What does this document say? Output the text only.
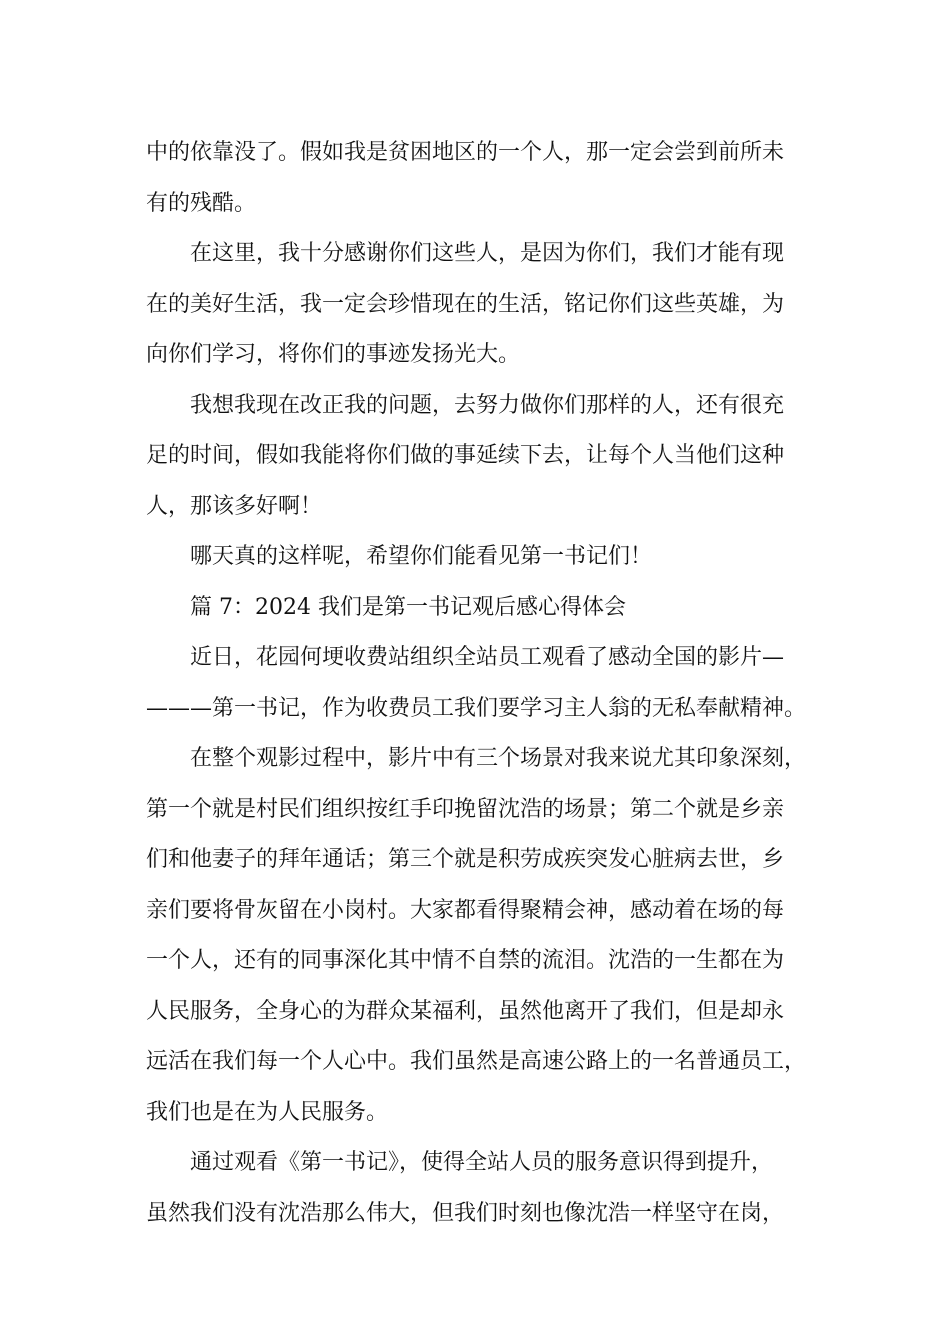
中的依靠没了。假如我是贫困地区的一个人，那一定会尝到前所未
有的残酷。
在这里，我十分感谢你们这些人，是因为你们，我们才能有现
在的美好生活，我一定会珍惜现在的生活，铭记你们这些英雄，为
向你们学习，将你们的事迹发扬光大。
我想我现在改正我的问题，去努力做你们那样的人，还有很充
足的时间，假如我能将你们做的事延续下去，让每个人当他们这种
人，那该多好啊！
哪天真的这样呢，希望你们能看见第一书记们！
篇 7：2024 我们是第一书记观后感心得体会
近日，花园何埂收费站组织全站员工观看了感动全国的影片—
———第一书记，作为收费员工我们要学习主人翁的无私奉献精神。
在整个观影过程中，影片中有三个场景对我来说尤其印象深刻，
第一个就是村民们组织按红手印挽留沈浩的场景；第二个就是乡亲
们和他妻子的拜年通话；第三个就是积劳成疾突发心脏病去世，乡
亲们要将骨灰留在小岗村。大家都看得聚精会神，感动着在场的每
一个人，还有的同事深化其中情不自禁的流泪。沈浩的一生都在为
人民服务，全身心的为群众某福利，虽然他离开了我们，但是却永
远活在我们每一个人心中。我们虽然是高速公路上的一名普通员工，
我们也是在为人民服务。
通过观看《第一书记》，使得全站人员的服务意识得到提升，
虽然我们没有沈浩那么伟大，但我们时刻也像沈浩一样坚守在岗，
